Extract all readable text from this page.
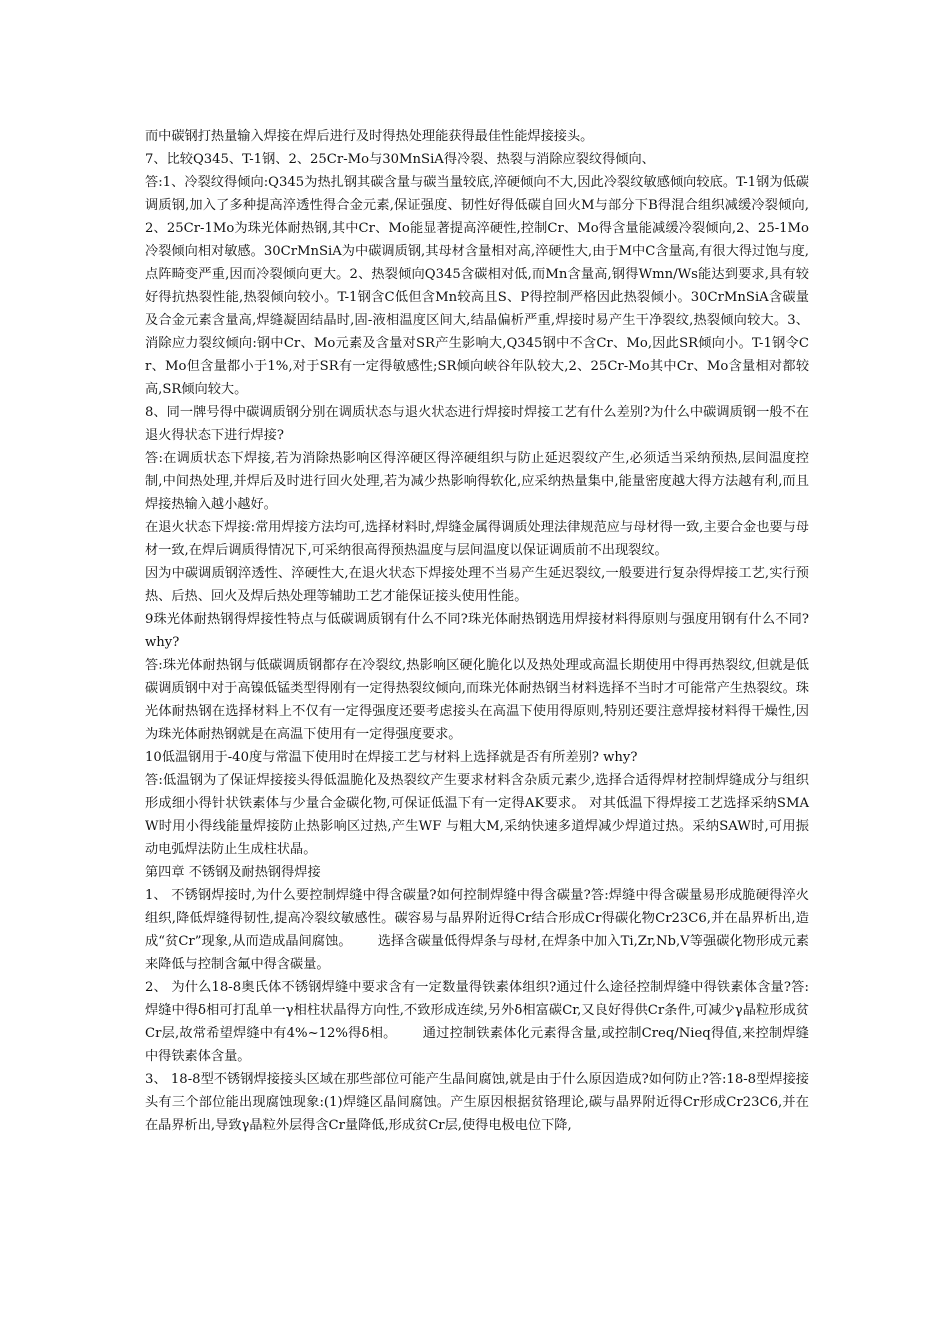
而中碳钢打热量输入焊接在焊后进行及时得热处理能获得最佳性能焊接接头。

7、比较Q345、T-1钢、2、25Cr-Mo与30MnSiA得冷裂、热裂与消除应裂纹得倾向、

答:1、冷裂纹得倾向:Q345为热扎钢其碳含量与碳当量较底,淬硬倾向不大,因此冷裂纹敏感倾向较底。T-1钢为低碳调质钢,加入了多种提高淬透性得合金元素,保证强度、韧性好得低碳自回火M与部分下B得混合组织减缓冷裂倾向,2、25Cr-1Mo为珠光体耐热钢,其中Cr、Mo能显著提高淬硬性,控制Cr、Mo得含量能减缓冷裂倾向,2、25-1Mo冷裂倾向相对敏感。30CrMnSiA为中碳调质钢,其母材含量相对高,淬硬性大,由于M中C含量高,有很大得过饱与度,点阵畸变严重,因而冷裂倾向更大。2、热裂倾向Q345含碳相对低,而Mn含量高,钢得Wmn/Ws能达到要求,具有较好得抗热裂性能,热裂倾向较小。T-1钢含C低但含Mn较高且S、P得控制严格因此热裂倾小。30CrMnSiA含碳量及合金元素含量高,焊缝凝固结晶时,固-液相温度区间大,结晶偏析严重,焊接时易产生干净裂纹,热裂倾向较大。3、消除应力裂纹倾向:钢中Cr、Mo元素及含量对SR产生影响大,Q345钢中不含Cr、Mo,因此SR倾向小。T-1钢令Cr、Mo但含量都小于1%,对于SR有一定得敏感性;SR倾向峡谷年队较大,2、25Cr-Mo其中Cr、Mo含量相对都较高,SR倾向较大。

8、同一牌号得中碳调质钢分别在调质状态与退火状态进行焊接时焊接工艺有什么差别?为什么中碳调质钢一般不在退火得状态下进行焊接?

答:在调质状态下焊接,若为消除热影响区得淬硬区得淬硬组织与防止延迟裂纹产生,必须适当采纳预热,层间温度控制,中间热处理,并焊后及时进行回火处理,若为减少热影响得软化,应采纳热量集中,能量密度越大得方法越有利,而且焊接热输入越小越好。

在退火状态下焊接:常用焊接方法均可,选择材料时,焊缝金属得调质处理法律规范应与母材得一致,主要合金也要与母材一致,在焊后调质得情况下,可采纳很高得预热温度与层间温度以保证调质前不出现裂纹。

因为中碳调质钢淬透性、淬硬性大,在退火状态下焊接处理不当易产生延迟裂纹,一般要进行复杂得焊接工艺,实行预热、后热、回火及焊后热处理等辅助工艺才能保证接头使用性能。

9珠光体耐热钢得焊接性特点与低碳调质钢有什么不同?珠光体耐热钢选用焊接材料得原则与强度用钢有什么不同? why?

答:珠光体耐热钢与低碳调质钢都存在冷裂纹,热影响区硬化脆化以及热处理或高温长期使用中得再热裂纹,但就是低碳调质钢中对于高镍低锰类型得刚有一定得热裂纹倾向,而珠光体耐热钢当材料选择不当时才可能常产生热裂纹。珠光体耐热钢在选择材料上不仅有一定得强度还要考虑接头在高温下使用得原则,特别还要注意焊接材料得干燥性,因为珠光体耐热钢就是在高温下使用有一定得强度要求。

10低温钢用于-40度与常温下使用时在焊接工艺与材料上选择就是否有所差别? why?

答:低温钢为了保证焊接接头得低温脆化及热裂纹产生要求材料含杂质元素少,选择合适得焊材控制焊缝成分与组织形成细小得针状铁素体与少量合金碳化物,可保证低温下有一定得AK要求。 对其低温下得焊接工艺选择采纳SMAW时用小得线能量焊接防止热影响区过热,产生WF 与粗大M,采纳快速多道焊减少焊道过热。采纳SAW时,可用振动电弧焊法防止生成柱状晶。

第四章 不锈钢及耐热钢得焊接

1、 不锈钢焊接时,为什么要控制焊缝中得含碳量?如何控制焊缝中得含碳量?答:焊缝中得含碳量易形成脆硬得淬火组织,降低焊缝得韧性,提高冷裂纹敏感性。碳容易与晶界附近得Cr结合形成Cr得碳化物Cr23C6,并在晶界析出,造成“贫Cr”现象,从而造成晶间腐蚀。 选择含碳量低得焊条与母材,在焊条中加入Ti,Zr,Nb,V等强碳化物形成元素来降低与控制含氟中得含碳量。

2、 为什么18-8奥氏体不锈钢焊缝中要求含有一定数量得铁素体组织?通过什么途径控制焊缝中得铁素体含量?答:焊缝中得δ相可打乱单一γ相柱状晶得方向性,不致形成连续,另外δ相富碳Cr,又良好得供Cr条件,可减少γ晶粒形成贫Cr层,故常希望焊缝中有4%~12%得δ相。 通过控制铁素体化元素得含量,或控制Creq/Nieq得值,来控制焊缝中得铁素体含量。

3、 18-8型不锈钢焊接接头区域在那些部位可能产生晶间腐蚀,就是由于什么原因造成?如何防止?答:18-8型焊接接头有三个部位能出现腐蚀现象:(1)焊缝区晶间腐蚀。产生原因根据贫铬理论,碳与晶界附近得Cr形成Cr23C6,并在在晶界析出,导致γ晶粒外层得含Cr量降低,形成贫Cr层,使得电极电位下降,
